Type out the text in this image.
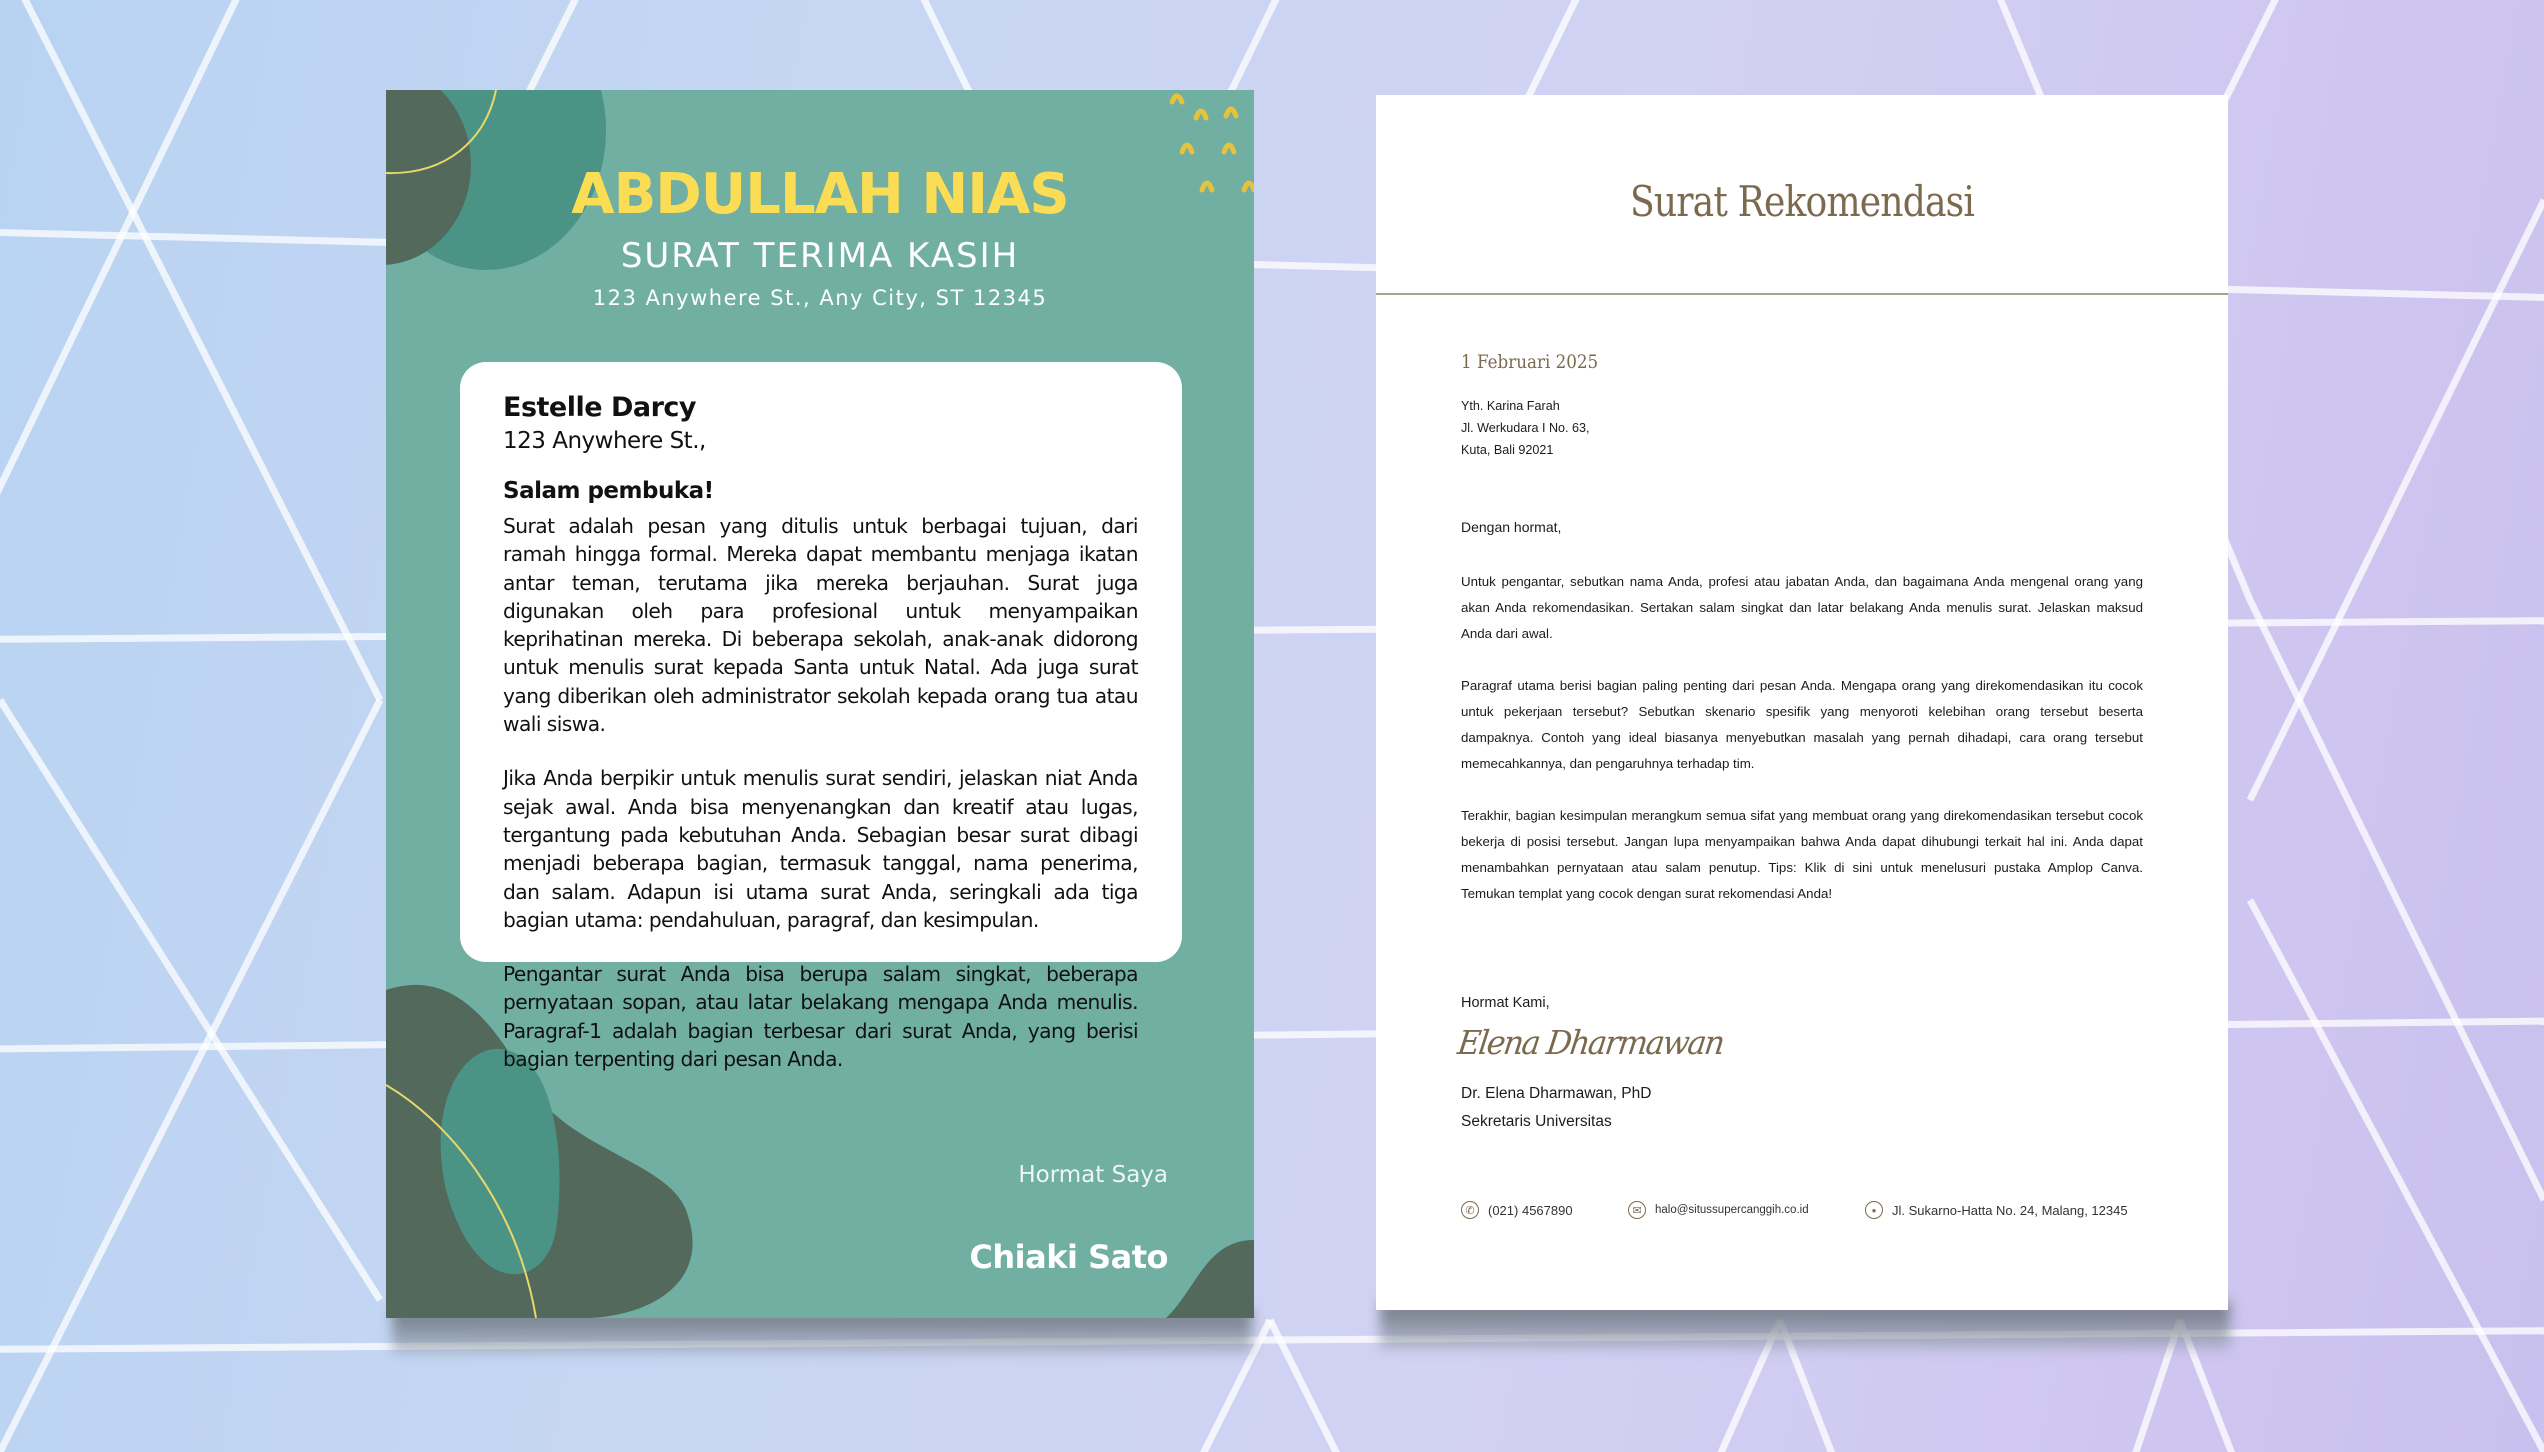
ABDULLAH NIAS
SURAT TERIMA KASIH
123 Anywhere St., Any City, ST 12345
Estelle Darcy
123 Anywhere St.,
Salam pembuka!

Surat adalah pesan yang ditulis untuk berbagai tujuan, dari ramah hingga formal. Mereka dapat membantu menjaga ikatan antar teman, terutama jika mereka berjauhan. Surat juga digunakan oleh para profesional untuk menyampaikan keprihatinan mereka. Di beberapa sekolah, anak-anak didorong untuk menulis surat kepada Santa untuk Natal. Ada juga surat yang diberikan oleh administrator sekolah kepada orang tua atau wali siswa.

Jika Anda berpikir untuk menulis surat sendiri, jelaskan niat Anda sejak awal. Anda bisa menyenangkan dan kreatif atau lugas, tergantung pada kebutuhan Anda. Sebagian besar surat dibagi menjadi beberapa bagian, termasuk tanggal, nama penerima, dan salam. Adapun isi utama surat Anda, seringkali ada tiga bagian utama: pendahuluan, paragraf, dan kesimpulan.

Pengantar surat Anda bisa berupa salam singkat, beberapa pernyataan sopan, atau latar belakang mengapa Anda menulis. Paragraf-1 adalah bagian terbesar dari surat Anda, yang berisi bagian terpenting dari pesan Anda.

Hormat Saya
Chiaki Sato
Surat Rekomendasi
1 Februari 2025
Yth. Karina Farah
Jl. Werkudara I No. 63,
Kuta, Bali 92021
Dengan hormat,

Untuk pengantar, sebutkan nama Anda, profesi atau jabatan Anda, dan bagaimana Anda mengenal orang yang akan Anda rekomendasikan. Sertakan salam singkat dan latar belakang Anda menulis surat. Jelaskan maksud Anda dari awal.

Paragraf utama berisi bagian paling penting dari pesan Anda. Mengapa orang yang direkomendasikan itu cocok untuk pekerjaan tersebut? Sebutkan skenario spesifik yang menyoroti kelebihan orang tersebut beserta dampaknya. Contoh yang ideal biasanya menyebutkan masalah yang pernah dihadapi, cara orang tersebut memecahkannya, dan pengaruhnya terhadap tim.

Terakhir, bagian kesimpulan merangkum semua sifat yang membuat orang yang direkomendasikan tersebut cocok bekerja di posisi tersebut. Jangan lupa menyampaikan bahwa Anda dapat dihubungi terkait hal ini. Anda dapat menambahkan pernyataan atau salam penutup. Tips: Klik di sini untuk menelusuri pustaka Amplop Canva. Temukan templat yang cocok dengan surat rekomendasi Anda!

Hormat Kami,
Elena Dharmawan
Dr. Elena Dharmawan, PhD
Sekretaris Universitas
✆	(021) 4567890	✉	halo@situssupercanggih.co.id	●	Jl. Sukarno-Hatta No. 24, Malang, 12345
